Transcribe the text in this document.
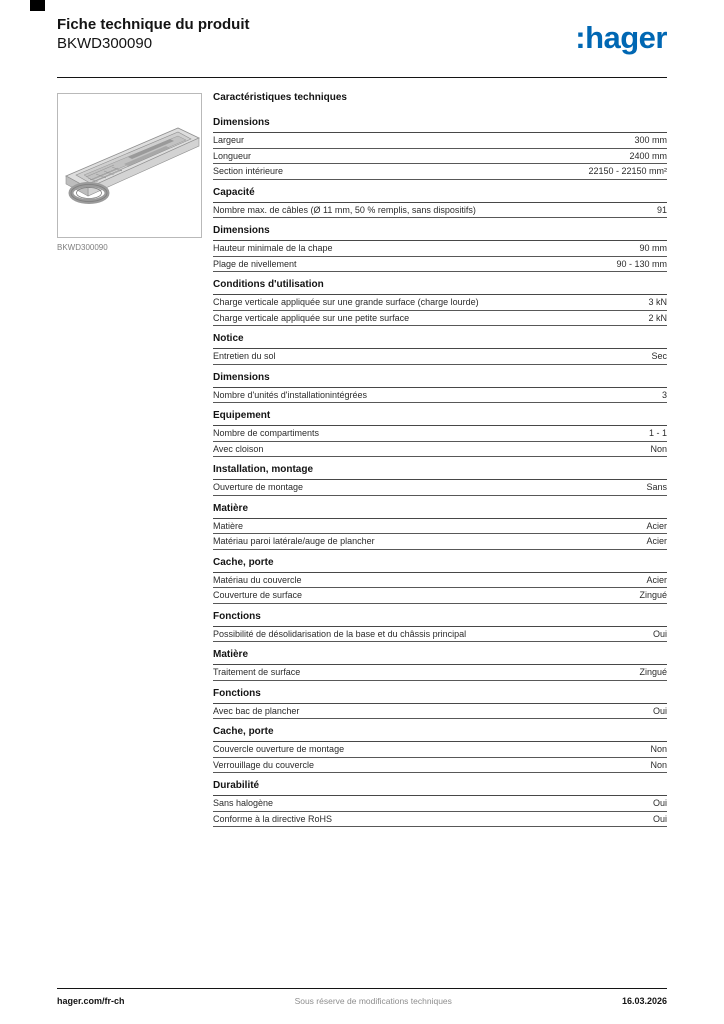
Fiche technique du produit
BKWD300090	:hager
BKWD300090
Caractéristiques techniques
Dimensions
Largeur	300 mm
Longueur	2400 mm
Section intérieure	22150 - 22150 mm²
Capacité
Nombre max. de câbles (Ø 11 mm, 50 % remplis, sans dispositifs)	91
Dimensions
Hauteur minimale de la chape	90 mm
Plage de nivellement	90 - 130 mm
Conditions d'utilisation
Charge verticale appliquée sur une grande surface (charge lourde)	3 kN
Charge verticale appliquée sur une petite surface	2 kN
Notice
Entretien du sol	Sec
Dimensions
Nombre d'unités d'installationintégrées	3
Equipement
Nombre de compartiments	1 - 1
Avec cloison	Non
Installation, montage
Ouverture de montage	Sans
Matière
Matière	Acier
Matériau paroi latérale/auge de plancher	Acier
Cache, porte
Matériau du couvercle	Acier
Couverture de surface	Zingué
Fonctions
Possibilité de désolidarisation de la base et du châssis principal	Oui
Matière
Traitement de surface	Zingué
Fonctions
Avec bac de plancher	Oui
Cache, porte
Couvercle ouverture de montage	Non
Verrouillage du couvercle	Non
Durabilité
Sans halogène	Oui
Conforme à la directive RoHS	Oui
hager.com/fr-ch	Sous réserve de modifications techniques	16.03.2026
